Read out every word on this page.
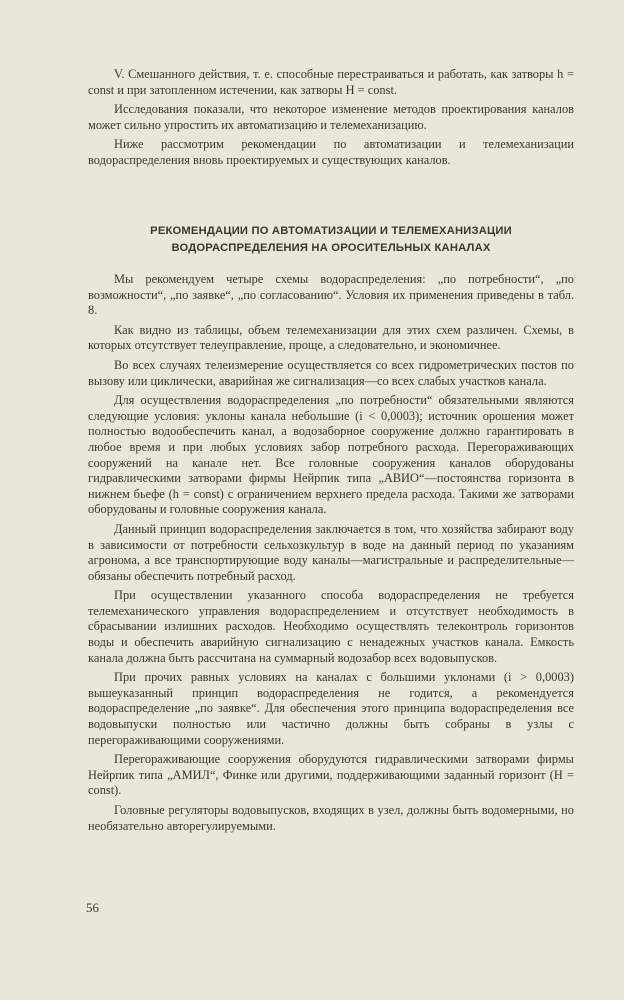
V. Смешанного действия, т. е. способные перестраиваться и работать, как затворы h = const и при затопленном истечении, как затворы H = const.

Исследования показали, что некоторое изменение методов проектирования каналов может сильно упростить их автоматизацию и телемеханизацию.

Ниже рассмотрим рекомендации по автоматизации и телемеханизации водораспределения вновь проектируемых и существующих каналов.

РЕКОМЕНДАЦИИ ПО АВТОМАТИЗАЦИИ И ТЕЛЕМЕХАНИЗАЦИИ
ВОДОРАСПРЕДЕЛЕНИЯ НА ОРОСИТЕЛЬНЫХ КАНАЛАХ

Мы рекомендуем четыре схемы водораспределения: „по потребности“, „по возможности“, „по заявке“, „по согласованию“. Условия их применения приведены в табл. 8.

Как видно из таблицы, объем телемеханизации для этих схем различен. Схемы, в которых отсутствует телеуправление, проще, а следовательно, и экономичнее.

Во всех случаях телеизмерение осуществляется со всех гидрометрических постов по вызову или циклически, аварийная же сигнализация—со всех слабых участков канала.

Для осуществления водораспределения „по потребности“ обязательными являются следующие условия: уклоны канала небольшие (i < 0,0003); источник орошения может полностью водообеспечить канал, а водозаборное сооружение должно гарантировать в любое время и при любых условиях забор потребного расхода. Перегораживающих сооружений на канале нет. Все головные сооружения каналов оборудованы гидравлическими затворами фирмы Нейрпик типа „АВИО“—постоянства горизонта в нижнем бьефе (h = const) с ограничением верхнего предела расхода. Такими же затворами оборудованы и головные сооружения канала.

Данный принцип водораспределения заключается в том, что хозяйства забирают воду в зависимости от потребности сельхозкультур в воде на данный период по указаниям агронома, а все транспортирующие воду каналы—магистральные и распределительные—обязаны обеспечить потребный расход.

При осуществлении указанного способа водораспределения не требуется телемеханического управления водораспределением и отсутствует необходимость в сбрасывании излишних расходов. Необходимо осуществлять телеконтроль горизонтов воды и обеспечить аварийную сигнализацию с ненадежных участков канала. Емкость канала должна быть рассчитана на суммарный водозабор всех водовыпусков.

При прочих равных условиях на каналах с большими уклонами (i > 0,0003) вышеуказанный принцип водораспределения не годится, а рекомендуется водораспределение „по заявке“. Для обеспечения этого принципа водораспределения все водовыпуски полностью или частично должны быть собраны в узлы с перегораживающими сооружениями.

Перегораживающие сооружения оборудуются гидравлическими затворами фирмы Нейрпик типа „АМИЛ“, Финке или другими, поддерживающими заданный горизонт (H = const).

Головные регуляторы водовыпусков, входящих в узел, должны быть водомерными, но необязательно авторегулируемыми.

56
